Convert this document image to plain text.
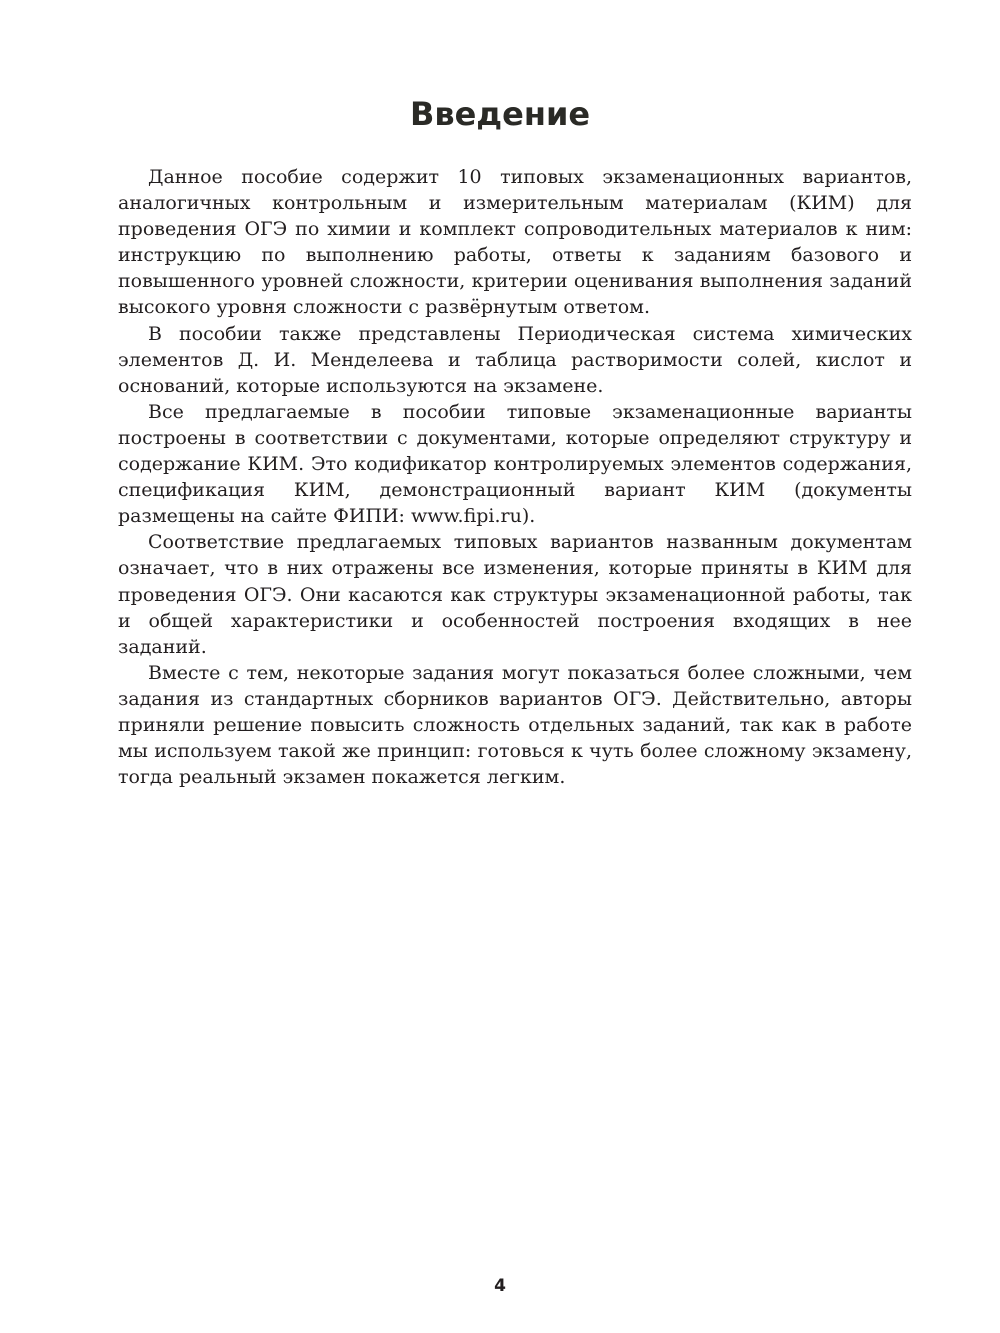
Введение

Данное пособие содержит 10 типовых экзаменационных вариантов, аналогичных контрольным и измерительным материалам (КИМ) для проведения ОГЭ по химии и комплект сопроводительных материалов к ним: инструкцию по выполнению работы, ответы к заданиям базового и повышенного уровней сложности, критерии оценивания выполнения заданий высокого уровня сложности с развёрнутым ответом.

В пособии также представлены Периодическая система химических элементов Д. И. Менделеева и таблица растворимости солей, кислот и оснований, которые используются на экзамене.

Все предлагаемые в пособии типовые экзаменационные варианты построены в соответствии с документами, которые определяют структуру и содержание КИМ. Это кодификатор контролируемых элементов содержания, спецификация КИМ, демонстрационный вариант КИМ (документы размещены на сайте ФИПИ: www.fipi.ru).

Соответствие предлагаемых типовых вариантов названным документам означает, что в них отражены все изменения, которые приняты в КИМ для проведения ОГЭ. Они касаются как структуры экзаменационной работы, так и общей характеристики и особенностей построения входящих в нее заданий.

Вместе с тем, некоторые задания могут показаться более сложными, чем задания из стандартных сборников вариантов ОГЭ. Действительно, авторы приняли решение повысить сложность отдельных заданий, так как в работе мы используем такой же принцип: готовься к чуть более сложному экзамену, тогда реальный экзамен покажется легким.

4
